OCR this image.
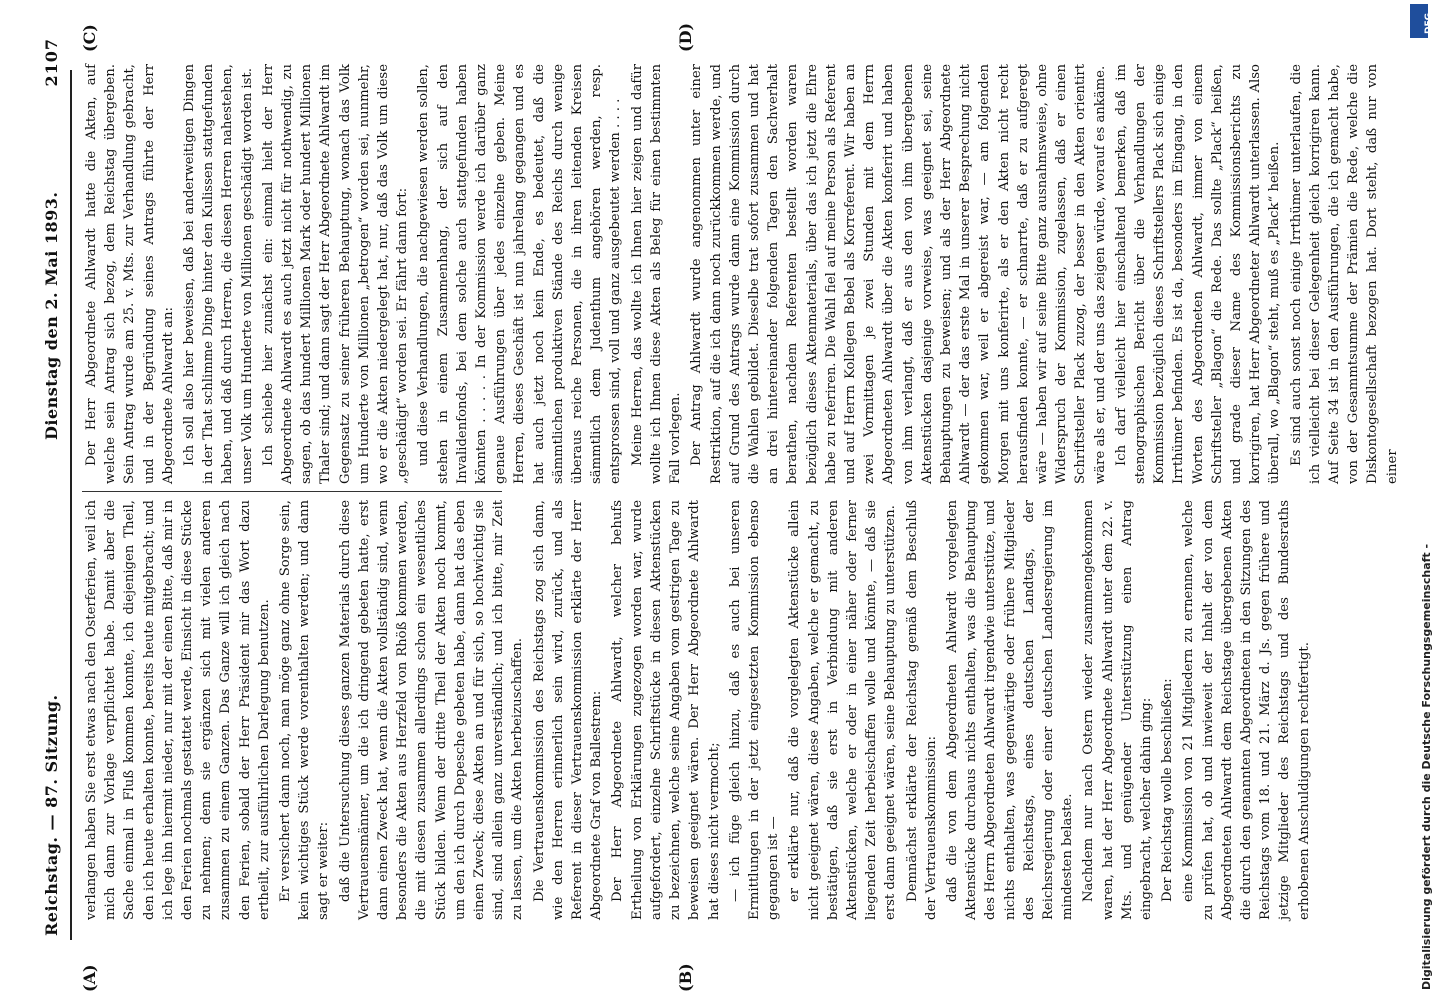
Reichstag. — 87. Sitzung.
Dienstag den 2. Mai 1893.
2107
(A)	(B)
(C)	(D)

verlangen haben Sie erst etwas nach den Osterferien, weil ich mich dann zur Vorlage verpflichtet habe. Damit aber die Sache einmal in Fluß kommen konnte, ich diejenigen Theil, den ich heute erhalten konnte, bereits heute mitgebracht; und ich lege ihn hiermit nieder, nur mit der einen Bitte, daß mir in den Ferien nochmals gestattet werde, Einsicht in diese Stücke zu nehmen; denn sie ergänzen sich mit vielen anderen zusammen zu einem Ganzen. Das Ganze will ich gleich nach den Ferien, sobald der Herr Präsident mir das Wort dazu ertheilt, zur ausführlichen Darlegung benutzen. Er versichert dann noch, man möge ganz ohne Sorge sein, kein wichtiges Stück werde vorenthalten werden; und dann sagt er weiter: daß die Untersuchung dieses ganzen Materials durch diese Vertrauensmänner, um die ich dringend gebeten hatte, erst dann einen Zweck hat, wenn die Akten vollständig sind, wenn besonders die Akten aus Herzfeld von Rhöß kommen werden, die mit diesen zusammen allerdings schon ein wesentliches Stück bilden. Wenn der dritte Theil der Akten noch kommt, um den ich durch Depesche gebeten habe, dann hat das eben einen Zweck; diese Akten an und für sich, so hochwichtig sie sind, sind allein ganz unverständlich; und ich bitte, mir Zeit zu lassen, um die Akten herbeizuschaffen. Die Vertrauenskommission des Reichstags zog sich dann, wie den Herren erinnerlich sein wird, zurück, und als Referent in dieser Vertrauenskommission erklärte der Herr Abgeordnete Graf von Ballestrem: Der Herr Abgeordnete Ahlwardt, welcher behufs Ertheilung von Erklärungen zugezogen worden war, wurde aufgefordert, einzelne Schriftstücke in diesen Aktenstücken zu bezeichnen, welche seine Angaben vom gestrigen Tage zu beweisen geeignet wären. Der Herr Abgeordnete Ahlwardt hat dieses nicht vermocht; — ich füge gleich hinzu, daß es auch bei unseren Ermittlungen in der jetzt eingesetzten Kommission ebenso gegangen ist — er erklärte nur, daß die vorgelegten Aktenstücke allein nicht geeignet wären, diese Angaben, welche er gemacht, zu bestätigen, daß sie erst in Verbindung mit anderen Aktenstücken, welche er oder in einer näher oder ferner liegenden Zeit herbeischaffen wolle und könnte, — daß sie erst dann geeignet wären, seine Behauptung zu unterstützen. Demnächst erklärte der Reichstag gemäß dem Beschluß der Vertrauenskommission: daß die von dem Abgeordneten Ahlwardt vorgelegten Aktenstücke durchaus nichts enthalten, was die Behauptung des Herrn Abgeordneten Ahlwardt irgendwie unterstütze, und nichts enthalten, was gegenwärtige oder frühere Mitglieder des Reichstags, eines deutschen Landtags, der Reichsregierung oder einer deutschen Landesregierung im mindesten belaste. Nachdem nur nach Ostern wieder zusammengekommen waren, hat der Herr Abgeordnete Ahlwardt unter dem 22. v. Mts. und genügender Unterstützung einen Antrag eingebracht, welcher dahin ging: Der Reichstag wolle beschließen: eine Kommission von 21 Mitgliedern zu ernennen, welche zu prüfen hat, ob und inwieweit der Inhalt der von dem Abgeordneten Ahlwardt dem Reichstage übergebenen Akten die durch den genannten Abgeordneten in den Sitzungen des Reichstags vom 18. und 21. März d. Js. gegen frühere und jetzige Mitglieder des Reichstags und des Bundesraths erhobenen Anschuldigungen rechtfertigt.

Der Herr Abgeordnete Ahlwardt hatte die Akten, auf welche sein Antrag sich bezog, dem Reichstag übergeben. Sein Antrag wurde am 25. v. Mts. zur Verhandlung gebracht, und in der Begründung seines Antrags führte der Herr Abgeordnete Ahlwardt an: Ich soll also hier beweisen, daß bei anderweitigen Dingen in der That schlimme Dinge hinter den Kulissen stattgefunden haben, und daß durch Herren, die diesen Herren nahestehen, unser Volk um Hunderte von Millionen geschädigt worden ist. Ich schiebe hier zunächst ein: einmal hielt der Herr Abgeordnete Ahlwardt es auch jetzt nicht für nothwendig, zu sagen, ob das hundert Millionen Mark oder hundert Millionen Thaler sind; und dann sagt der Herr Abgeordnete Ahlwardt im Gegensatz zu seiner früheren Behauptung, wonach das Volk um Hunderte von Millionen „betrogen“ worden sei, nunmehr, wo er die Akten niedergelegt hat, nur, daß das Volk um diese „geschädigt“ worden sei. Er fährt dann fort: und diese Verhandlungen, die nachgewiesen werden sollen, stehen in einem Zusammenhang, der sich auf den Invalidenfonds, bei dem solche auch stattgefunden haben könnten . . . . . In der Kommission werde ich darüber ganz genaue Ausführungen über jedes einzelne geben. Meine Herren, dieses Geschäft ist nun jahrelang gegangen und es hat auch jetzt noch kein Ende, es bedeutet, daß die sämmtlichen produktiven Stände des Reichs durch wenige überaus reiche Personen, die in ihren leitenden Kreisen sämmtlich dem Judenthum angehören werden, resp. entsprossen sind, voll und ganz ausgebeutet werden . . . . Meine Herren, das wollte ich Ihnen hier zeigen und dafür wollte ich Ihnen diese Akten als Beleg für einen bestimmten Fall vorlegen. Der Antrag Ahlwardt wurde angenommen unter einer Restriktion, auf die ich dann noch zurückkommen werde, und auf Grund des Antrags wurde dann eine Kommission durch die Wahlen gebildet. Dieselbe trat sofort zusammen und hat an drei hintereinander folgenden Tagen den Sachverhalt berathen, nachdem Referenten bestellt worden waren bezüglich dieses Aktenmaterials, über das ich jetzt die Ehre habe zu referiren. Die Wahl fiel auf meine Person als Referent und auf Herrn Kollegen Bebel als Korreferent. Wir haben an zwei Vormittagen je zwei Stunden mit dem Herrn Abgeordneten Ahlwardt über die Akten konferirt und haben von ihm verlangt, daß er aus den von ihm übergebenen Aktenstücken dasjenige vorweise, was geeignet sei, seine Behauptungen zu beweisen; und als der Herr Abgeordnete Ahlwardt — der das erste Mal in unserer Besprechung nicht gekommen war, weil er abgereist war, — am folgenden Morgen mit uns konferirte, als er den Akten nicht recht herausfinden konnte, — er schnarrte, daß er zu aufgeregt wäre — haben wir auf seine Bitte ganz ausnahmsweise, ohne Widerspruch der Kommission, zugelassen, daß er einen Schriftsteller Plack zuzog, der besser in den Akten orientirt wäre als er, und der uns das zeigen würde, worauf es ankäme. Ich darf vielleicht hier einschaltend bemerken, daß im stenographischen Bericht über die Verhandlungen der Kommission bezüglich dieses Schriftstellers Plack sich einige Irrthümer befinden. Es ist da, besonders im Eingang, in den Worten des Abgeordneten Ahlwardt, immer von einem Schriftsteller „Blagon“ die Rede. Das sollte „Plack“ heißen, und grade dieser Name des Kommissionsberichts zu korrigiren, hat Herr Abgeordneter Ahlwardt unterlassen. Also überall, wo „Blagon“ steht, muß es „Plack“ heißen. Es sind auch sonst noch einige Irrthümer unterlaufen, die ich vielleicht bei dieser Gelegenheit gleich korrigiren kann. Auf Seite 34 ist in den Ausführungen, die ich gemacht habe, von der Gesammtsumme der Prämien die Rede, welche die Diskontogesellschaft bezogen hat. Dort steht, daß nur von einer

Digitalisierung gefördert durch die Deutsche Forschungsgemeinschaft -
DFG
